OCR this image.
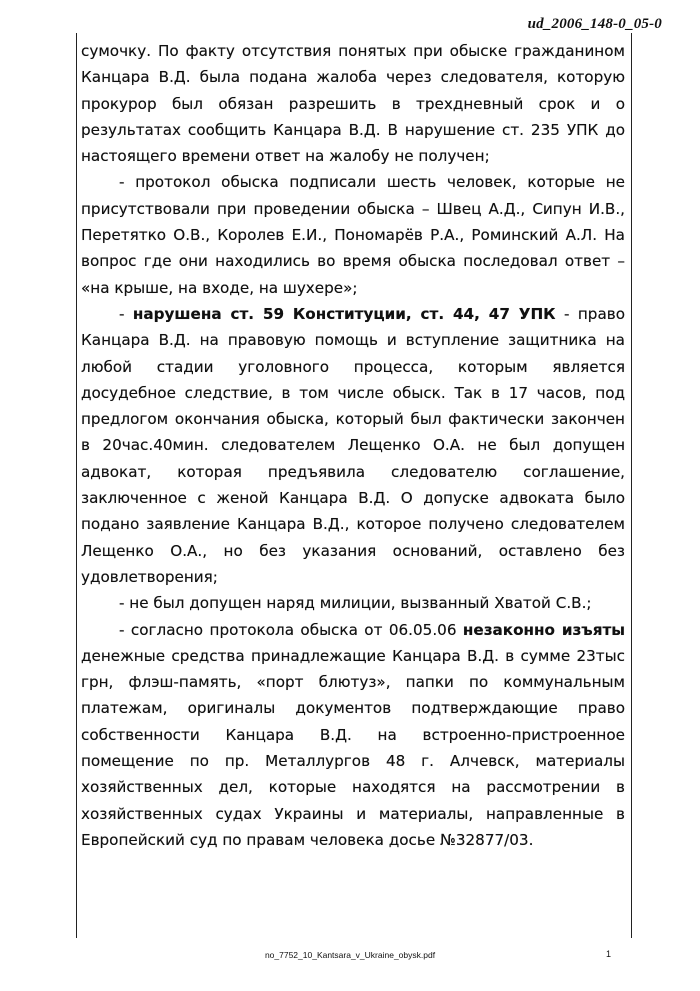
ud_2006_148-0_05-0

сумочку. По факту отсутствия понятых при обыске гражданином Канцара В.Д. была подана жалоба через следователя, которую прокурор был обязан разрешить в трехдневный срок и о результатах сообщить Канцара В.Д. В нарушение ст. 235 УПК до настоящего времени ответ на жалобу не получен;

- протокол обыска подписали шесть человек, которые не присутствовали при проведении обыска – Швец А.Д., Сипун И.В., Перетятко О.В., Королев Е.И., Пономарёв Р.А., Роминский А.Л. На вопрос где они находились во время обыска последовал ответ – «на крыше, на входе, на шухере»;

- нарушена ст. 59 Конституции, ст. 44, 47 УПК - право Канцара В.Д. на правовую помощь и вступление защитника на любой стадии уголовного процесса, которым является досудебное следствие, в том числе обыск. Так в 17 часов, под предлогом окончания обыска, который был фактически закончен в 20час.40мин. следователем Лещенко О.А. не был допущен адвокат, которая предъявила следователю соглашение, заключенное с женой Канцара В.Д. О допуске адвоката было подано заявление Канцара В.Д., которое получено следователем Лещенко О.А., но без указания оснований, оставлено без удовлетворения;

- не был допущен наряд милиции, вызванный Хватой С.В.;

- согласно протокола обыска от 06.05.06 незаконно изъяты денежные средства принадлежащие Канцара В.Д. в сумме 23тыс грн, флэш-память, «порт блютуз», папки по коммунальным платежам, оригиналы документов подтверждающие право собственности Канцара В.Д. на встроенно-пристроенное помещение по пр. Металлургов 48 г. Алчевск, материалы хозяйственных дел, которые находятся на рассмотрении в хозяйственных судах Украины и материалы, направленные в Европейский суд по правам человека досье №32877/03.

no_7752_10_Kantsara_v_Ukraine_obysk.pdf	1
